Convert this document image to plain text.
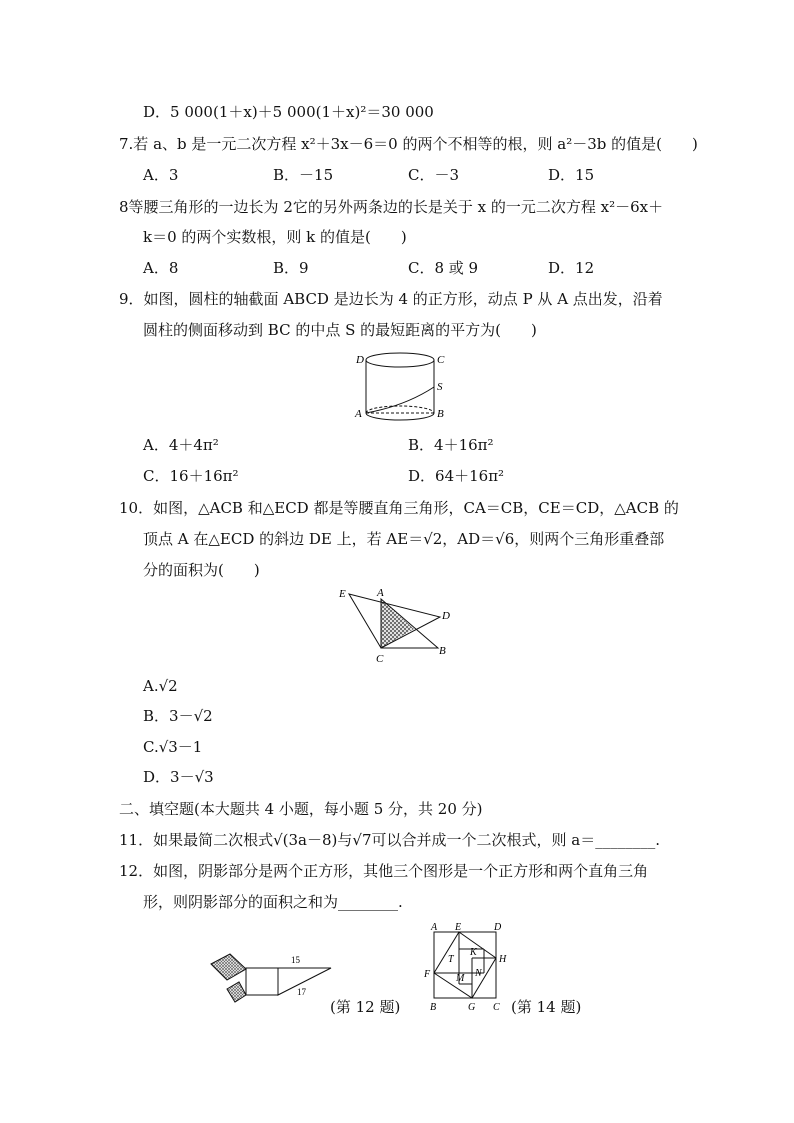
D．5 000(1＋x)＋5 000(1＋x)²＝30 000
7.若 a、b 是一元二次方程 x²＋3x－6＝0 的两个不相等的根，则 a²－3b 的值是(　　)
A．3	B．－15	C．－3	D．15
8等腰三角形的一边长为 2它的另外两条边的长是关于 x 的一元二次方程 x²－6x＋
k＝0 的两个实数根，则 k 的值是(　　)
A．8	B．9	C．8 或 9	D．12
9．如图，圆柱的轴截面 ABCD 是边长为 4 的正方形，动点 P 从 A 点出发，沿着
圆柱的侧面移动到 BC 的中点 S 的最短距离的平方为(　　)
D	C
S
A	B
A．4＋4π²	B．4＋16π²
C．16＋16π²	D．64＋16π²
10．如图，△ACB 和△ECD 都是等腰直角三角形，CA＝CB，CE＝CD，△ACB 的
顶点 A 在△ECD 的斜边 DE 上，若 AE＝√2，AD＝√6，则两个三角形重叠部
分的面积为(　　)
E	A
D
C
B
A.√2
B．3－√2
C.√3－1
D．3－√3
二、填空题(本大题共 4 小题，每小题 5 分，共 20 分)
11．如果最简二次根式√(3a－8)与√7可以合并成一个二次根式，则 a＝________.
12．如图，阴影部分是两个正方形，其他三个图形是一个正方形和两个直角三角
形，则阴影部分的面积之和为________.
15
17
(第 12 题)
A E	D
T
K
F
H
N
M
B	G C (第 14 题)
